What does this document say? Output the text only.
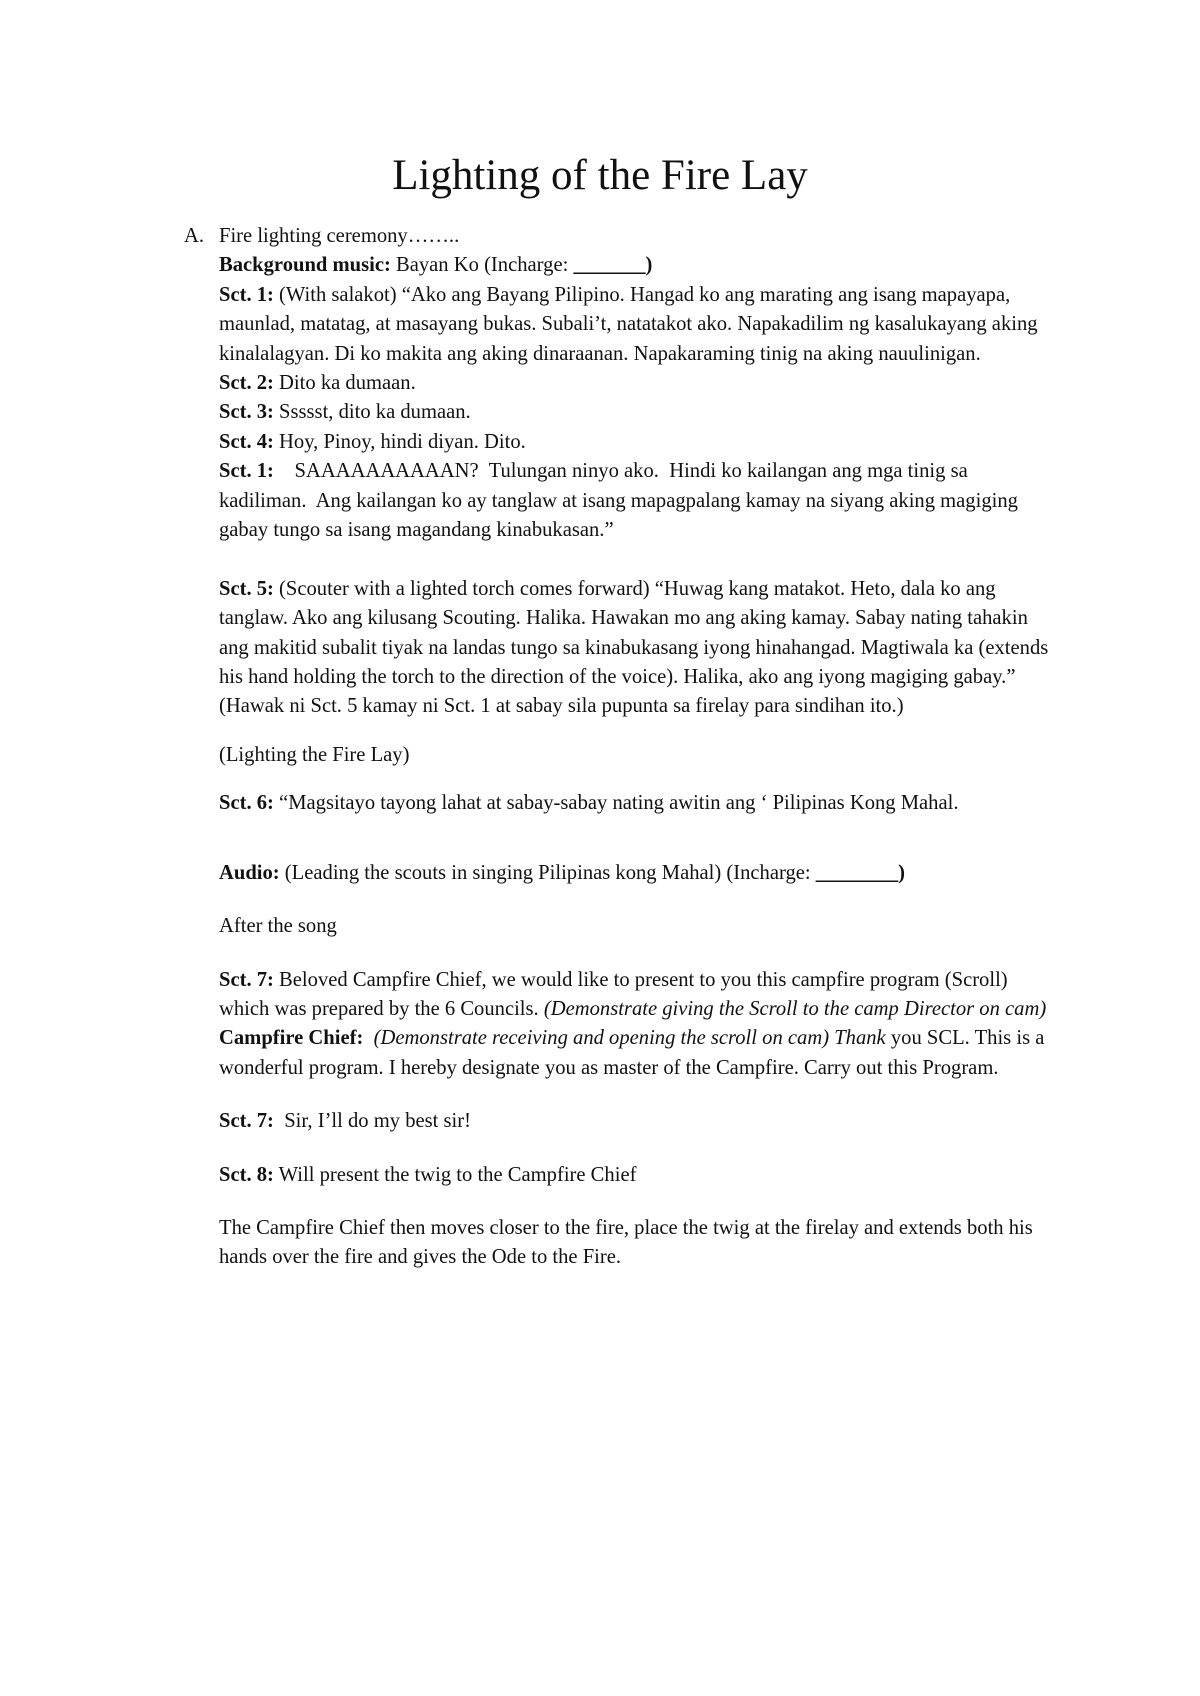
Lighting of the Fire Lay
A. Fire lighting ceremony……..

Background music: Bayan Ko (Incharge: _______)

Sct. 1: (With salakot) “Ako ang Bayang Pilipino. Hangad ko ang marating ang isang mapayapa, maunlad, matatag, at masayang bukas. Subali’t, natatakot ako. Napakadilim ng kasalukayang aking kinalalagyan. Di ko makita ang aking dinaraanan. Napakaraming tinig na aking nauulinigan.

Sct. 2: Dito ka dumaan.

Sct. 3: Ssssst, dito ka dumaan.

Sct. 4: Hoy, Pinoy, hindi diyan. Dito.

Sct. 1:    SAAAAAAAAAAN?  Tulungan ninyo ako.  Hindi ko kailangan ang mga tinig sa kadiliman.  Ang kailangan ko ay tanglaw at isang mapagpalang kamay na siyang aking magiging gabay tungo sa isang magandang kinabukasan.”

Sct. 5: (Scouter with a lighted torch comes forward) “Huwag kang matakot. Heto, dala ko ang tanglaw. Ako ang kilusang Scouting. Halika. Hawakan mo ang aking kamay. Sabay nating tahakin ang makitid subalit tiyak na landas tungo sa kinabukasang iyong hinahangad. Magtiwala ka (extends his hand holding the torch to the direction of the voice). Halika, ako ang iyong magiging gabay.” (Hawak ni Sct. 5 kamay ni Sct. 1 at sabay sila pupunta sa firelay para sindihan ito.)

(Lighting the Fire Lay)

Sct. 6: “Magsitayo tayong lahat at sabay-sabay nating awitin ang ‘ Pilipinas Kong Mahal.

Audio: (Leading the scouts in singing Pilipinas kong Mahal) (Incharge: ________)

After the song

Sct. 7: Beloved Campfire Chief, we would like to present to you this campfire program (Scroll) which was prepared by the 6 Councils. (Demonstrate giving the Scroll to the camp Director on cam)

Campfire Chief:  (Demonstrate receiving and opening the scroll on cam) Thank you SCL. This is a wonderful program. I hereby designate you as master of the Campfire. Carry out this Program.

Sct. 7:  Sir, I’ll do my best sir!

Sct. 8: Will present the twig to the Campfire Chief

The Campfire Chief then moves closer to the fire, place the twig at the firelay and extends both his hands over the fire and gives the Ode to the Fire.
